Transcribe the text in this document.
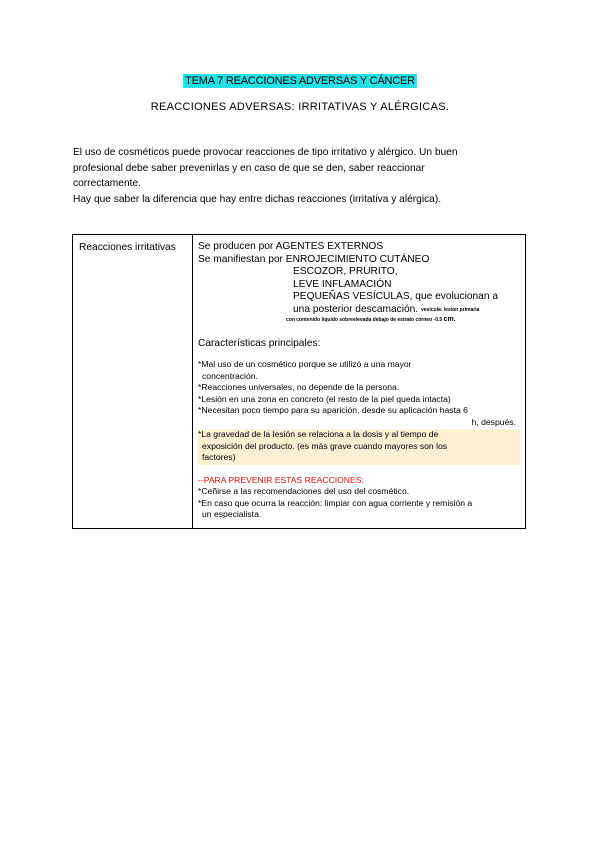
TEMA 7 REACCIONES ADVERSAS Y CÁNCER
REACCIONES ADVERSAS: IRRITATIVAS Y ALÉRGICAS.

El uso de cosméticos puede provocar reacciones de tipo irritativo y alérgico. Un buen

profesional debe saber prevenirlas y en caso de que se den, saber reaccionar

correctamente.

Hay que saber la diferencia que hay entre dichas reacciones (irritativa y alérgica).

Reacciones irritativas Se producen por AGENTES EXTERNOS
Se manifiestan por ENROJECIMIENTO CUTÁNEO
ESCOZOR, PRURITO,
LEVE INFLAMACIÓN
PEQUEÑAS VESÍCULAS, que evolucionan a
una posterior descamación. vesícula: lesión primaria
con contenido líquido sobreelevada debajo de estrato córneo -0.5 cm.
Características principales:
*Mal uso de un cosmético porque se utilizó a una mayor
concentración.
*Reacciones universales, no depende de la persona.
*Lesión en una zona en concreto (el resto de la piel queda intacta)
*Necesitan poco tiempo para su aparición. desde su aplicación hasta 6
h, después.
*La gravedad de la lesión se relaciona a la dosis y al tiempo de
exposición del producto. (es más grave cuando mayores son los
factores)
--PARA PREVENIR ESTAS REACCIONES:
*Ceñirse a las recomendaciones del uso del cosmético.
*En caso que ocurra la reacción: limpiar con agua corriente y remisión a
un especialista.
